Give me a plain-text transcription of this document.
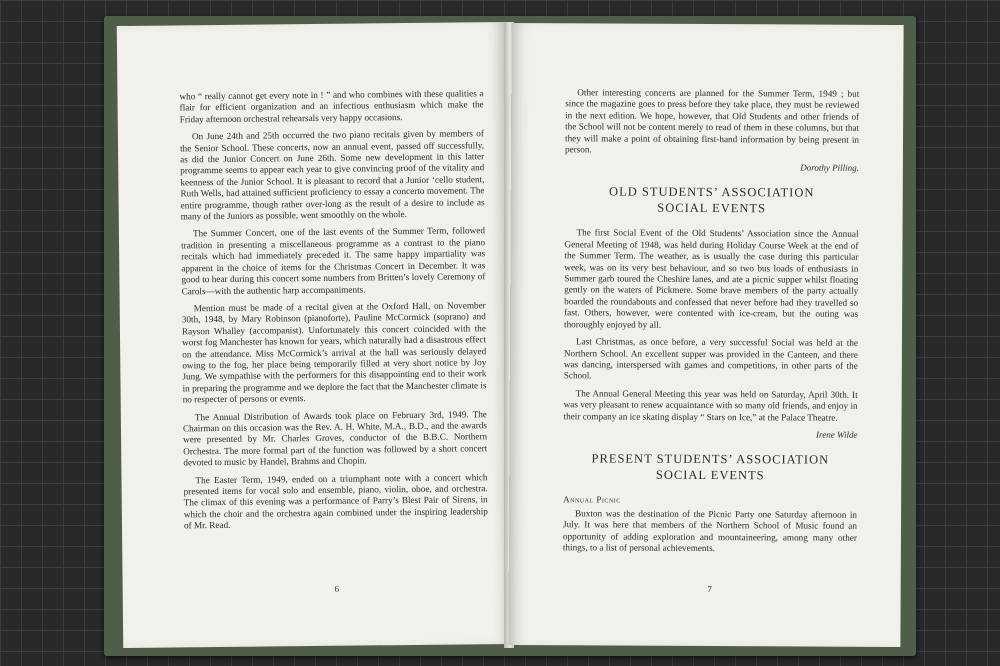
who “ really cannot get every note in ! ” and who combines with these qualities a flair for efficient organization and an infectious enthusiasm which make the Friday afternoon orchestral rehearsals very happy occasions.

On June 24th and 25th occurred the two piano recitals given by members of the Senior School. These concerts, now an annual event, passed off successfully, as did the Junior Concert on June 26th. Some new development in this latter programme seems to appear each year to give convincing proof of the vitality and keenness of the Junior School. It is pleasant to record that a Junior ‘cello student, Ruth Wells, had attained sufficient proficiency to essay a concerto movement. The entire programme, though rather over-long as the result of a desire to include as many of the Juniors as possible, went smoothly on the whole.

The Summer Concert, one of the last events of the Summer Term, followed tradition in presenting a miscellaneous programme as a contrast to the piano recitals which had immediately preceded it. The same happy impartiality was apparent in the choice of items for the Christmas Concert in December. It was good to hear during this concert some numbers from Britten’s lovely Ceremony of Carols—with the authentic harp accompaniments.

Mention must be made of a recital given at the Oxford Hall, on November 30th, 1948, by Mary Robinson (pianoforte), Pauline McCormick (soprano) and Rayson Whalley (accompanist). Unfortunately this concert coincided with the worst fog Manchester has known for years, which naturally had a disastrous effect on the attendance. Miss McCormick’s arrival at the hall was seriously delayed owing to the fog, her place being temporarily filled at very short notice by Joy Jung. We sympathise with the performers for this disappointing end to their work in preparing the programme and we deplore the fact that the Manchester climate is no respecter of persons or events.

The Annual Distribution of Awards took place on February 3rd, 1949. The Chairman on this occasion was the Rev. A. H. White, M.A., B.D., and the awards were presented by Mr. Charles Groves, conductor of the B.B.C. Northern Orchestra. The more formal part of the function was followed by a short concert devoted to music by Handel, Brahms and Chopin.

The Easter Term, 1949, ended on a triumphant note with a concert which presented items for vocal solo and ensemble, piano, violin, oboe, and orchestra. The climax of this evening was a performance of Parry’s Blest Pair of Sirens, in which the choir and the orchestra again combined under the inspiring leadership of Mr. Read.

6

Other interesting concerts are planned for the Summer Term, 1949 ; but since the magazine goes to press before they take place, they must be reviewed in the next edition. We hope, however, that Old Students and other friends of the School will not be content merely to read of them in these columns, but that they will make a point of obtaining first-hand information by being present in person.

Dorothy Pilling.
OLD STUDENTS’ ASSOCIATION
SOCIAL EVENTS

The first Social Event of the Old Students’ Association since the Annual General Meeting of 1948, was held during Holiday Course Week at the end of the Summer Term. The weather, as is usually the case during this particular week, was on its very best behaviour, and so two bus loads of enthusiasts in Summer garb toured the Cheshire lanes, and ate a picnic supper whilst floating gently on the waters of Pickmere. Some brave members of the party actually boarded the roundabouts and confessed that never before had they travelled so fast. Others, however, were contented with ice-cream, but the outing was thoroughly enjoyed by all.

Last Christmas, as once before, a very successful Social was held at the Northern School. An excellent supper was provided in the Canteen, and there was dancing, interspersed with games and competitions, in other parts of the School.

The Annual General Meeting this year was held on Saturday, April 30th. It was very pleasant to renew acquaintance with so many old friends, and enjoy in their company an ice skating display “ Stars on Ice,” at the Palace Theatre.

Irene Wilde
PRESENT STUDENTS’ ASSOCIATION
SOCIAL EVENTS
Annual Picnic

Buxton was the destination of the Picnic Party one Saturday afternoon in July. It was here that members of the Northern School of Music found an opportunity of adding exploration and mountaineering, among many other things, to a list of personal achievements.

7
